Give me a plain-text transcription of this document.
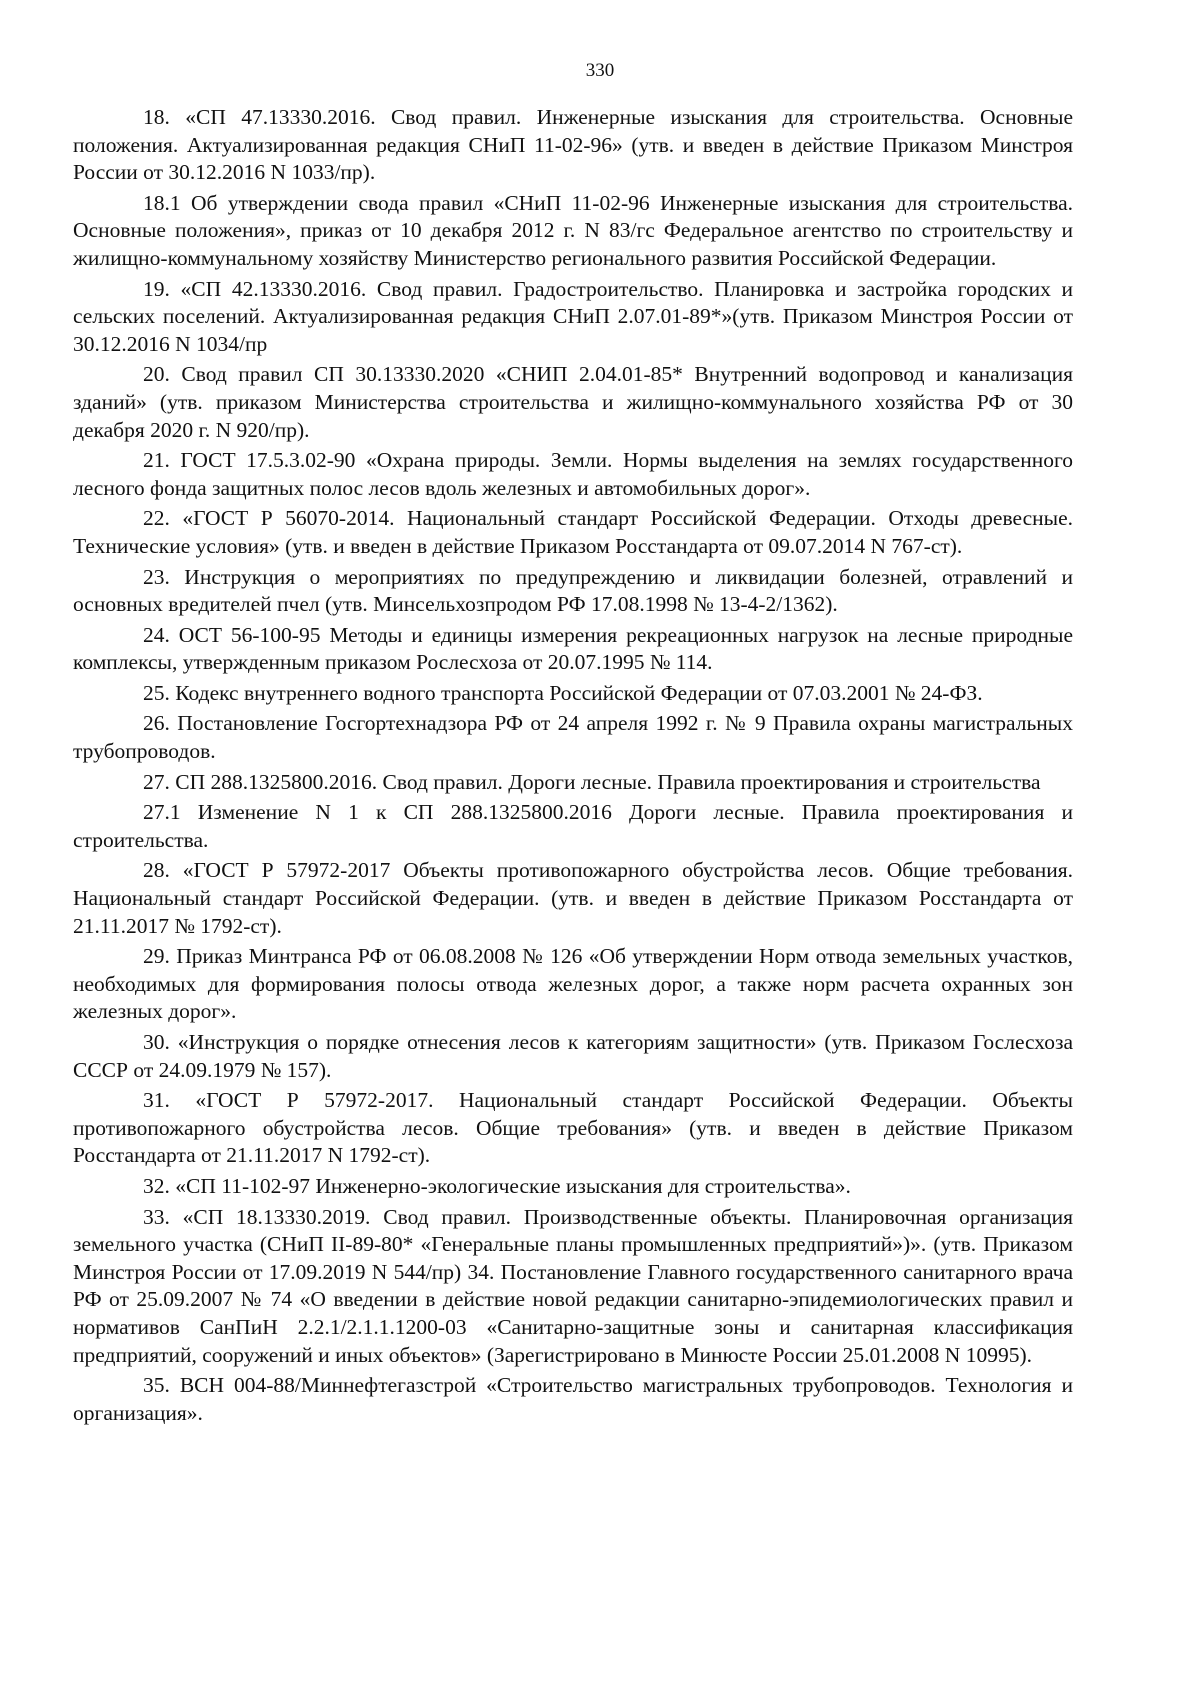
330

18. «СП 47.13330.2016. Свод правил. Инженерные изыскания для строительства. Основные положения. Актуализированная редакция СНиП 11-02-96» (утв. и введен в действие Приказом Минстроя России от 30.12.2016 N 1033/пр).

18.1 Об утверждении свода правил «СНиП 11-02-96 Инженерные изыскания для строительства. Основные положения», приказ от 10 декабря 2012 г. N 83/гс Федеральное агентство по строительству и жилищно-коммунальному хозяйству Министерство регионального развития Российской Федерации.

19. «СП 42.13330.2016. Свод правил. Градостроительство. Планировка и застройка городских и сельских поселений. Актуализированная редакция СНиП 2.07.01-89*»(утв. Приказом Минстроя России от 30.12.2016 N 1034/пр

20. Свод правил СП 30.13330.2020 «СНИП 2.04.01-85* Внутренний водопровод и канализация зданий» (утв. приказом Министерства строительства и жилищно-коммунального хозяйства РФ от 30 декабря 2020 г. N 920/пр).

21. ГОСТ 17.5.3.02-90 «Охрана природы. Земли. Нормы выделения на землях государственного лесного фонда защитных полос лесов вдоль железных и автомобильных дорог».

22. «ГОСТ Р 56070-2014. Национальный стандарт Российской Федерации. Отходы древесные. Технические условия» (утв. и введен в действие Приказом Росстандарта от 09.07.2014 N 767-ст).

23. Инструкция о мероприятиях по предупреждению и ликвидации болезней, отравлений и основных вредителей пчел (утв. Минсельхозпродом РФ 17.08.1998 № 13-4-2/1362).

24. ОСТ 56-100-95 Методы и единицы измерения рекреационных нагрузок на лесные природные комплексы, утвержденным приказом Рослесхоза от 20.07.1995 № 114.

25. Кодекс внутреннего водного транспорта Российской Федерации от 07.03.2001 № 24-ФЗ.

26. Постановление Госгортехнадзора РФ от 24 апреля 1992 г. № 9 Правила охраны магистральных трубопроводов.

27. СП 288.1325800.2016. Свод правил. Дороги лесные. Правила проектирования и строительства

27.1 Изменение N 1 к СП 288.1325800.2016 Дороги лесные. Правила проектирования и строительства.

28. «ГОСТ Р 57972-2017 Объекты противопожарного обустройства лесов. Общие требования. Национальный стандарт Российской Федерации. (утв. и введен в действие Приказом Росстандарта от 21.11.2017 № 1792-ст).

29. Приказ Минтранса РФ от 06.08.2008 № 126 «Об утверждении Норм отвода земельных участков, необходимых для формирования полосы отвода железных дорог, а также норм расчета охранных зон железных дорог».

30. «Инструкция о порядке отнесения лесов к категориям защитности» (утв. Приказом Гослесхоза СССР от 24.09.1979 № 157).

31. «ГОСТ Р 57972-2017. Национальный стандарт Российской Федерации. Объекты противопожарного обустройства лесов. Общие требования» (утв. и введен в действие Приказом Росстандарта от 21.11.2017 N 1792-ст).

32. «СП 11-102-97 Инженерно-экологические изыскания для строительства».

33. «СП 18.13330.2019. Свод правил. Производственные объекты. Планировочная организация земельного участка (СНиП II-89-80* «Генеральные планы промышленных предприятий»)». (утв. Приказом Минстроя России от 17.09.2019 N 544/пр) 34. Постановление Главного государственного санитарного врача РФ от 25.09.2007 № 74 «О введении в действие новой редакции санитарно-эпидемиологических правил и нормативов СанПиН 2.2.1/2.1.1.1200-03 «Санитарно-защитные зоны и санитарная классификация предприятий, сооружений и иных объектов» (Зарегистрировано в Минюсте России 25.01.2008 N 10995).

35. ВСН 004-88/Миннефтегазстрой «Строительство магистральных трубопроводов. Технология и организация».
